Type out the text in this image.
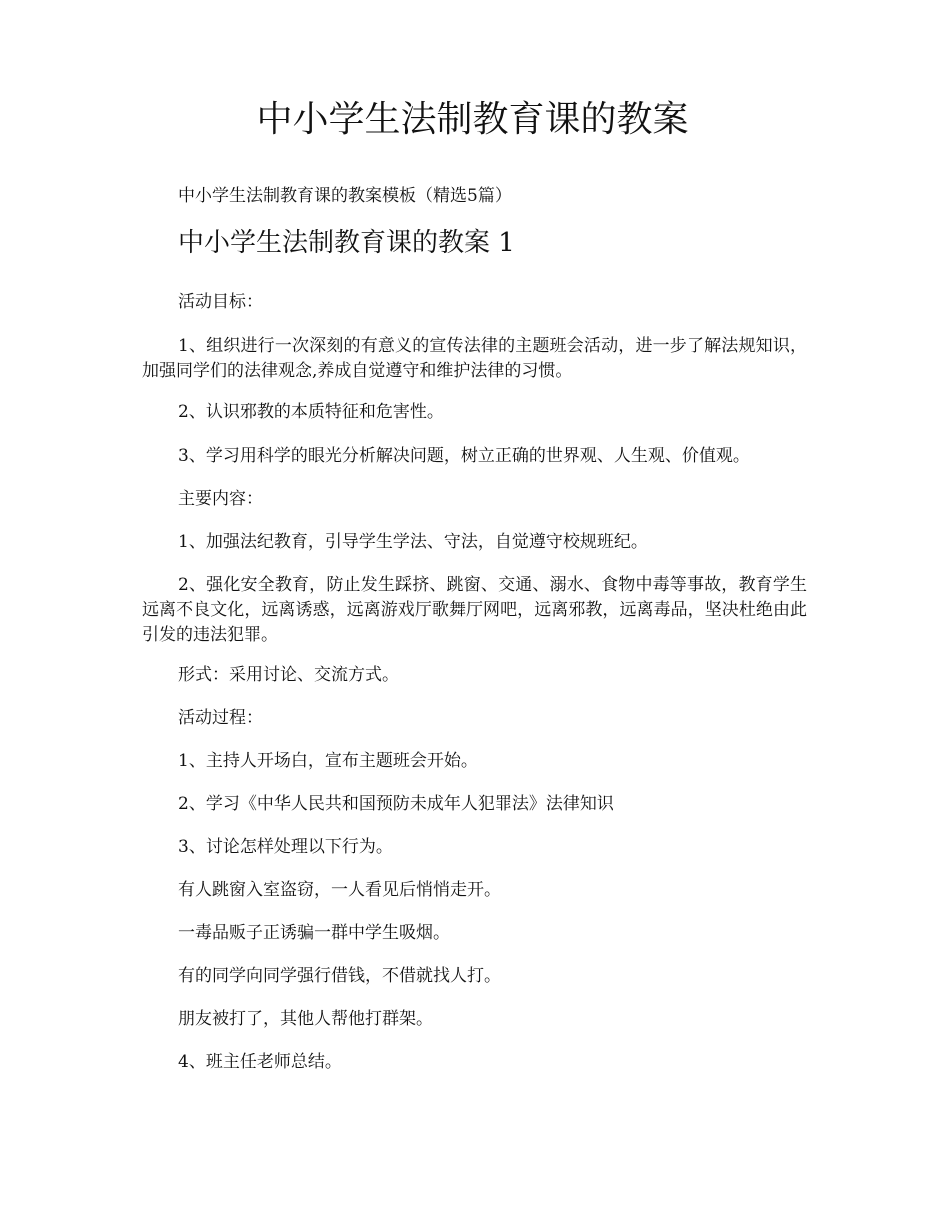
中小学生法制教育课的教案

中小学生法制教育课的教案模板（精选5篇）

中小学生法制教育课的教案 1

活动目标：

1、组织进行一次深刻的有意义的宣传法律的主题班会活动，进一步了解法规知识，加强同学们的法律观念,养成自觉遵守和维护法律的习惯。

2、认识邪教的本质特征和危害性。

3、学习用科学的眼光分析解决问题，树立正确的世界观、人生观、价值观。

主要内容：

1、加强法纪教育，引导学生学法、守法，自觉遵守校规班纪。

2、强化安全教育，防止发生踩挤、跳窗、交通、溺水、食物中毒等事故，教育学生远离不良文化，远离诱惑，远离游戏厅歌舞厅网吧，远离邪教，远离毒品，坚决杜绝由此引发的违法犯罪。

形式：采用讨论、交流方式。

活动过程：

1、主持人开场白，宣布主题班会开始。

2、学习《中华人民共和国预防未成年人犯罪法》法律知识

3、讨论怎样处理以下行为。

有人跳窗入室盗窃，一人看见后悄悄走开。

一毒品贩子正诱骗一群中学生吸烟。

有的同学向同学强行借钱，不借就找人打。

朋友被打了，其他人帮他打群架。

4、班主任老师总结。
